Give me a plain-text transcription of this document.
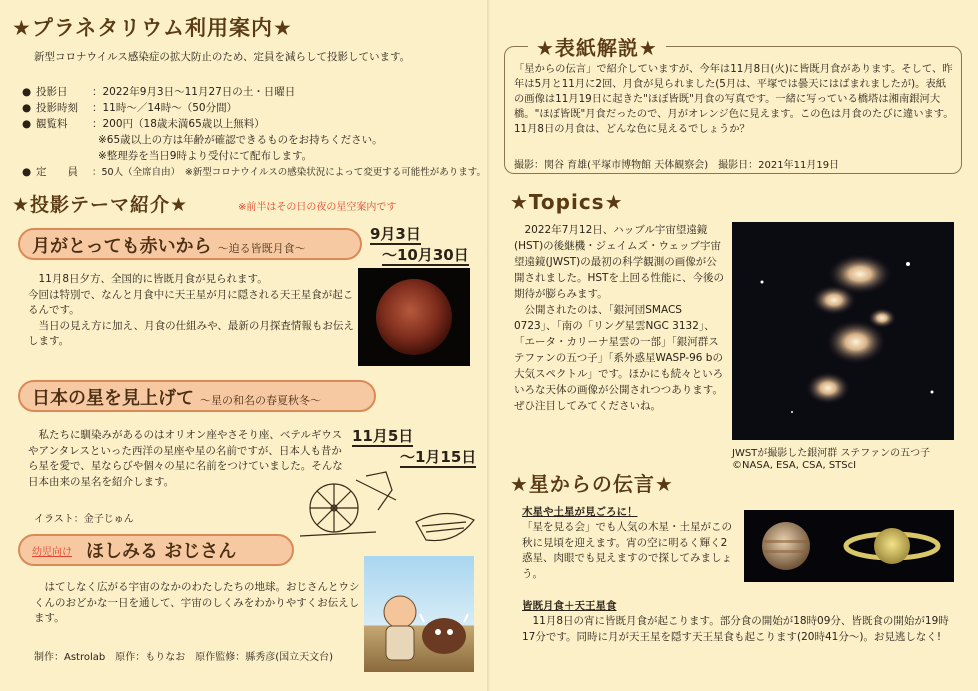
★プラネタリウム利用案内★
新型コロナウイルス感染症の拡大防止のため、定員を減らして投影しています。
● 投影日 ：2022年9月3日～11月27日の土・日曜日
● 投影時刻 ：11時～／14時～（50分間）
● 観覧料 ：200円（18歳未満65歳以上無料）
※65歳以上の方は年齢が確認できるものをお持ちください。
※整理券を当日9時より受付にて配布します。
● 定　　員 ：50人（全席自由）　※新型コロナウイルスの感染状況によって変更する可能性があります。
★投影テーマ紹介★	※前半はその日の夜の星空案内です
月がとっても赤いから ～迫る皆既月食～
9月3日
～10月30日
　11月8日夕方、全国的に皆既月食が見られます。
今回は特別で、なんと月食中に天王星が月に隠される天王星食が起こるんです。
　当日の見え方に加え、月食の仕組みや、最新の月探査情報もお伝えします。
日本の星を見上げて ～星の和名の春夏秋冬～
11月5日
～1月15日
　私たちに馴染みがあるのはオリオン座やさそり座、ベテルギウスやアンタレスといった西洋の星座や星の名前ですが、日本人も昔から星を愛で、星ならびや個々の星に名前をつけていました。そんな日本由来の星名を紹介します。
イラスト：金子じゅん
幼児向け ほしみる おじさん
　はてしなく広がる宇宙のなかのわたしたちの地球。おじさんとウシくんのおどかな一日を通して、宇宙のしくみをわかりやすくお伝えします。
制作：Astrolab　原作：もりなお　原作監修：縣秀彦(国立天文台)
★表紙解説★
「星からの伝言」で紹介していますが、今年は11月8日(火)に皆既月食があります。そして、昨年は5月と11月に2回、月食が見られました(5月は、平塚では曇天にはばまれましたが)。表紙の画像は11月19日に起きた"ほぼ皆既"月食の写真です。一緒に写っている橋塔は湘南銀河大橋。"ほぼ皆既"月食だったので、月がオレンジ色に見えます。この色は月食のたびに違います。11月8日の月食は、どんな色に見えるでしょうか？
撮影：関谷 育雄(平塚市博物館 天体観察会)　撮影日：2021年11月19日
★Topics★
　2022年7月12日、ハッブル宇宙望遠鏡(HST)の後継機・ジェイムズ・ウェッブ宇宙望遠鏡(JWST)の最初の科学観測の画像が公開されました。HSTを上回る性能に、今後の期待が膨らみます。
　公開されたのは、「銀河団SMACS 0723」、「南の「リング星雲NGC 3132」、「エータ・カリーナ星雲の一部」「銀河群ステファンの五つ子」「系外惑星WASP-96 bの大気スペクトル」です。ほかにも続々といろいろな天体の画像が公開されつつあります。ぜひ注目してみてくださいね。
JWSTが撮影した銀河群 ステファンの五つ子
©NASA, ESA, CSA, STScI
★星からの伝言★
木星や土星が見ごろに！
「星を見る会」でも人気の木星・土星がこの秋に見頃を迎えます。宵の空に明るく輝く2惑星、肉眼でも見えますので探してみましょう。
皆既月食＋天王星食
　11月8日の宵に皆既月食が起こります。部分食の開始が18時09分、皆既食の開始が19時17分です。同時に月が天王星を隠す天王星食も起こります(20時41分～)。お見逃しなく!
